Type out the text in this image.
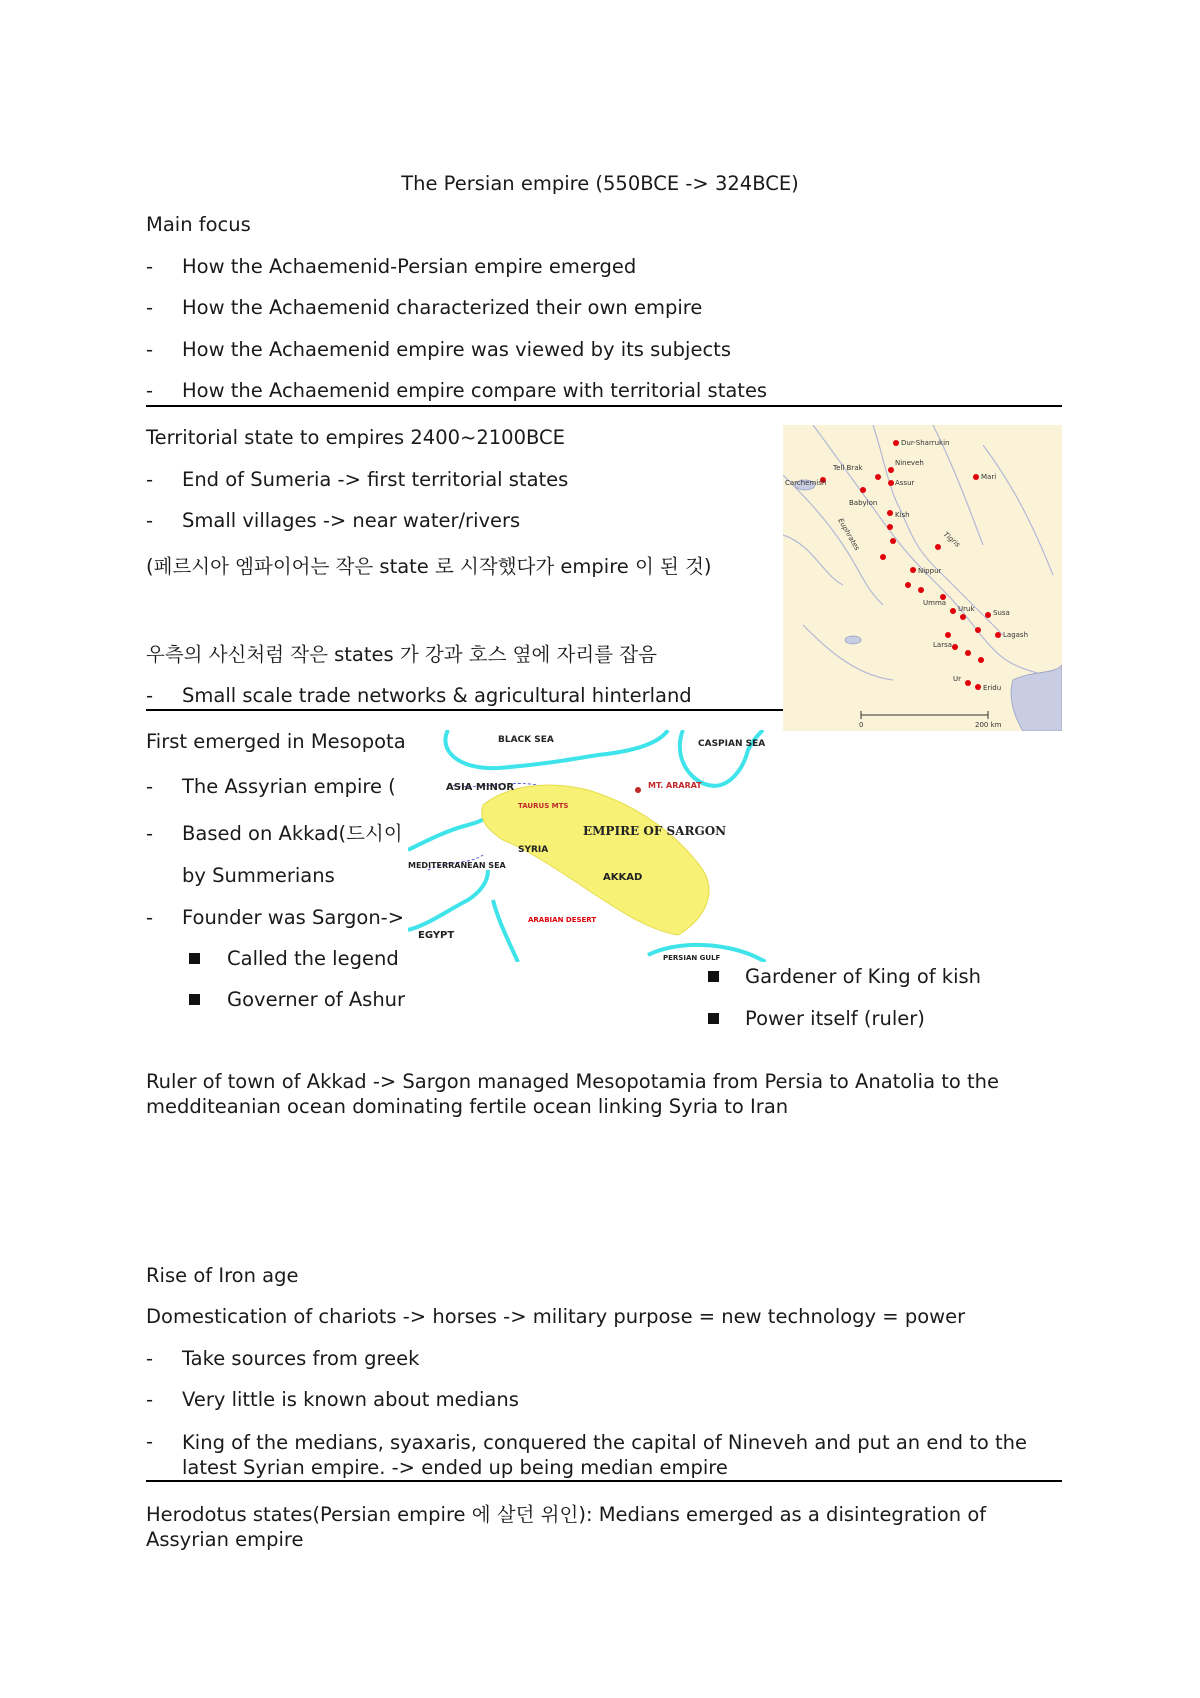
The Persian empire (550BCE -> 324BCE)
Main focus
-	How the Achaemenid-Persian empire emerged
-	How the Achaemenid characterized their own empire
-	How the Achaemenid empire was viewed by its subjects
-	How the Achaemenid empire compare with territorial states
Territorial state to empires 2400~2100BCE
-	End of Sumeria -> first territorial states
-	Small villages -> near water/rivers
(페르시아 엠파이어는 작은 state 로 시작했다가 empire 이 된 것)
우측의 사신처럼 작은 states 가 강과 호스 옆에 자리를 잡음
-	Small scale trade networks & agricultural hinterland
First emerged in Mesopota
-	The Assyrian empire (
-	Based on Akkad(드시이
by Summerians
-	Founder was Sargon->
Called the legend
Governer of Ashur
Gardener of King of kish
Power itself (ruler)
Ruler of town of Akkad -> Sargon managed Mesopotamia from Persia to Anatolia to the medditeanian ocean dominating fertile ocean linking Syria to Iran
Rise of Iron age
Domestication of chariots -> horses -> military purpose = new technology = power
-	Take sources from greek
-	Very little is known about medians
-	King of the medians, syaxaris, conquered the capital of Nineveh and put an end to the latest Syrian empire. -> ended up being median empire
Herodotus states(Persian empire 에 살던 위인): Medians emerged as a disintegration of Assyrian empire
Dur-Sharrukin
Nineveh
Assur
Tell Brak
Carchemish
Mari
Babylon
Kish
Nippur
Uruk
Ur
Eridu
Susa
Lagash
Umma
Larsa
Tigris
Euphrates
0	200 km
BLACK SEA	CASPIAN SEA
ASIA MINOR	MT. ARARAT
TAURUS MTS
EMPIRE OF SARGON
SYRIA
MEDITERRANEAN SEA
AKKAD
EGYPT
ARABIAN DESERT
PERSIAN GULF
